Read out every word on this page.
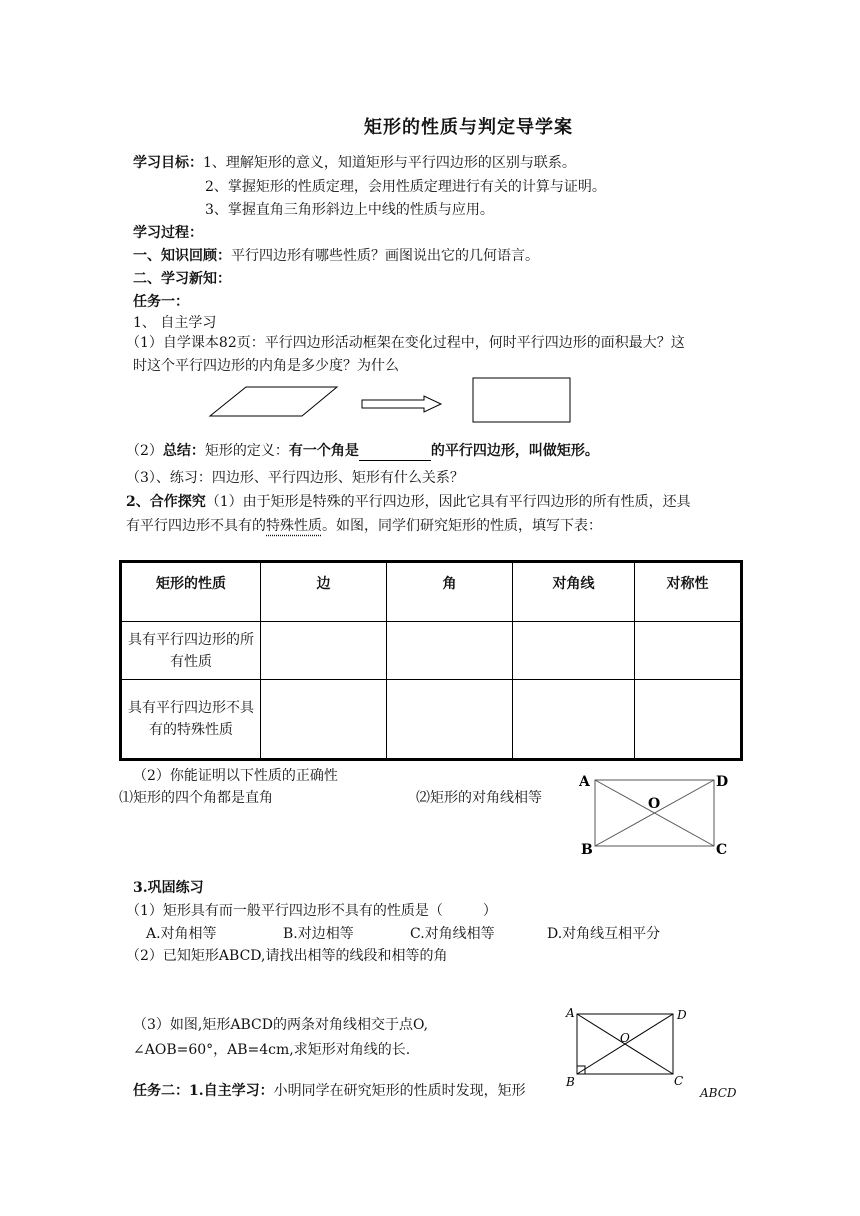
矩形的性质与判定导学案
学习目标：1、理解矩形的意义，知道矩形与平行四边形的区别与联系。
2、掌握矩形的性质定理，会用性质定理进行有关的计算与证明。
3、掌握直角三角形斜边上中线的性质与应用。
学习过程：
一、知识回顾：平行四边形有哪些性质？画图说出它的几何语言。
二、学习新知：
任务一：
1、 自主学习
（1）自学课本82页：平行四边形活动框架在变化过程中，何时平行四边形的面积最大？这
时这个平行四边形的内角是多少度？为什么
（2）总结：矩形的定义：有一个角是	的平行四边形，叫做矩形。
（3）、练习：四边形、平行四边形、矩形有什么关系？
2、合作探究（1）由于矩形是特殊的平行四边形，因此它具有平行四边形的所有性质，还具
有平行四边形不具有的特殊性质。如图，同学们研究矩形的性质，填写下表：
矩形的性质	边	角	对角线	对称性
具有平行四边形的所有性质				
具有平行四边形不具有的特殊性质				
（2）你能证明以下性质的正确性
⑴矩形的四个角都是直角	⑵矩形的对角线相等
A	D
B	C
O
3.巩固练习
（1）矩形具有而一般平行四边形不具有的性质是（	）
A.对角相等	B.对边相等	C.对角线相等	D.对角线互相平分
（2）已知矩形ABCD,请找出相等的线段和相等的角
（3）如图,矩形ABCD的两条对角线相交于点O,
∠AOB=60°，AB=4cm,求矩形对角线的长.
A	D
B	C
O
任务二：1.自主学习：小明同学在研究矩形的性质时发现，矩形	ABCD
